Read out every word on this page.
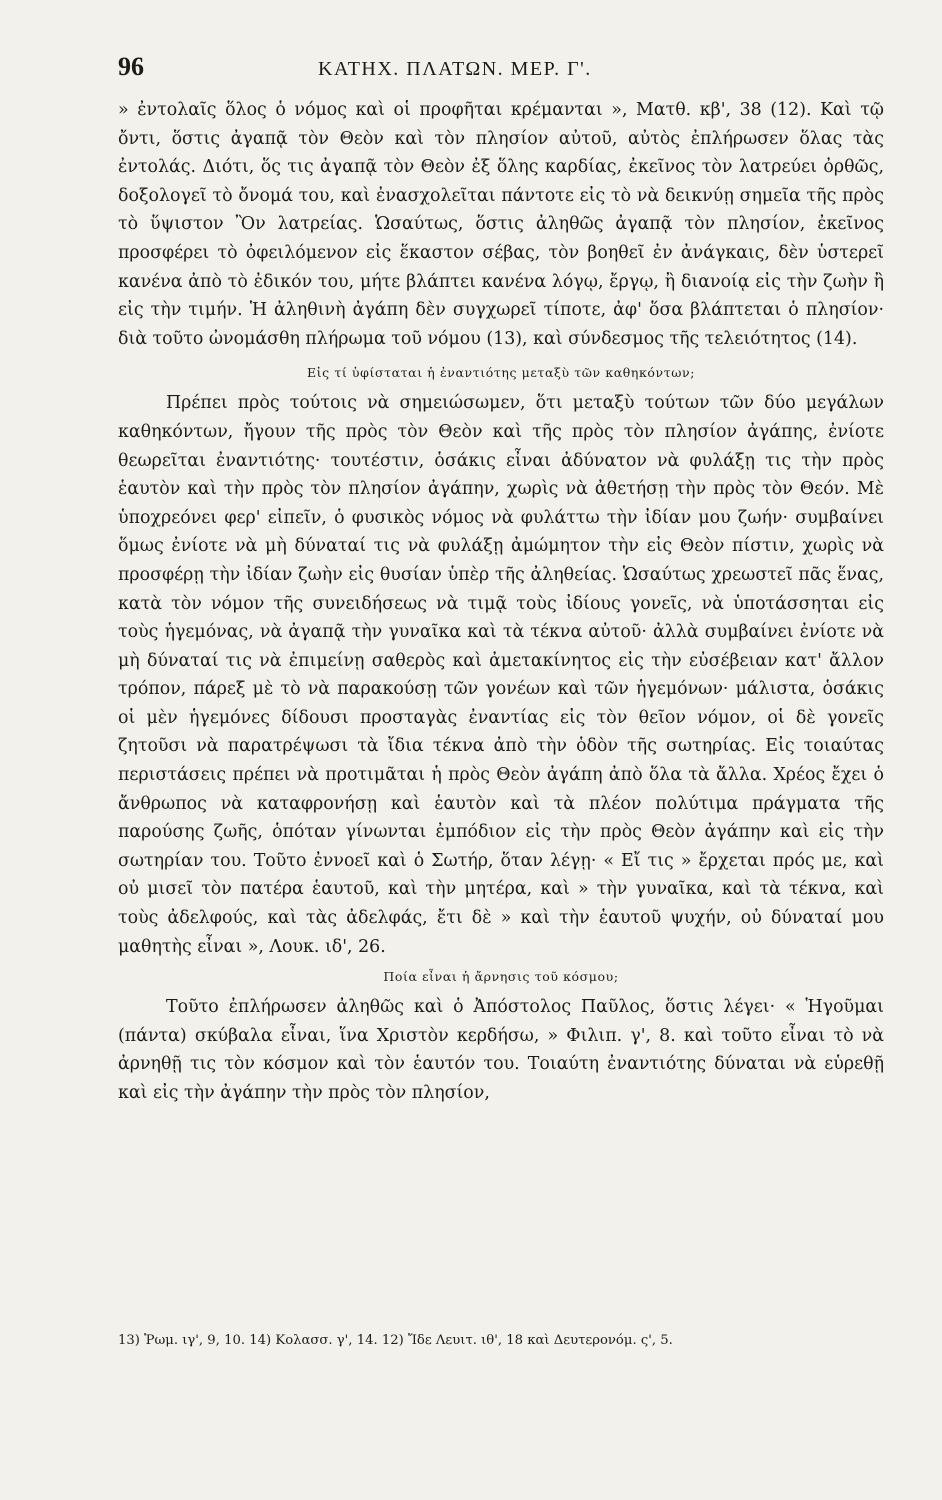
96	ΚΑΤΗΧ. ΠΛΑΤΩΝ. ΜΕΡ. Γ'.

» ἐντολαῖς ὅλος ὁ νόμος καὶ οἱ προφῆται κρέμανται », Ματθ. κβ', 38 (12). Καὶ τῷ ὄντι, ὅστις ἀγαπᾷ τὸν Θεὸν καὶ τὸν πλησίον αὐτοῦ, αὐτὸς ἐπλήρωσεν ὅλας τὰς ἐντολάς. Διότι, ὅς τις ἀγαπᾷ τὸν Θεὸν ἐξ ὅλης καρδίας, ἐκεῖνος τὸν λατρεύει ὀρθῶς, δοξολογεῖ τὸ ὄνομά του, καὶ ἐνασχολεῖται πάντοτε εἰς τὸ νὰ δεικνύῃ σημεῖα τῆς πρὸς τὸ ὕψιστον Ὂν λατρείας. Ὡσαύτως, ὅστις ἀληθῶς ἀγαπᾷ τὸν πλησίον, ἐκεῖνος προσφέρει τὸ ὀφειλόμενον εἰς ἕκαστον σέβας, τὸν βοηθεῖ ἐν ἀνάγκαις, δὲν ὑστερεῖ κανένα ἀπὸ τὸ ἐδικόν του, μήτε βλάπτει κανένα λόγῳ, ἔργῳ, ἢ διανοίᾳ εἰς τὴν ζωὴν ἢ εἰς τὴν τιμήν. Ἡ ἀληθινὴ ἀγάπη δὲν συγχωρεῖ τίποτε, ἀφ' ὅσα βλάπτεται ὁ πλησίον· διὰ τοῦτο ὠνομάσθη πλήρωμα τοῦ νόμου (13), καὶ σύνδεσμος τῆς τελειότητος (14).

Εἰς τί ὑφίσταται ἡ ἐναντιότης μεταξὺ τῶν καθηκόντων;

Πρέπει πρὸς τούτοις νὰ σημειώσωμεν, ὅτι μεταξὺ τούτων τῶν δύο μεγάλων καθηκόντων, ἤγουν τῆς πρὸς τὸν Θεὸν καὶ τῆς πρὸς τὸν πλησίον ἀγάπης, ἐνίοτε θεωρεῖται ἐναντιότης· τουτέστιν, ὁσάκις εἶναι ἀδύνατον νὰ φυλάξῃ τις τὴν πρὸς ἑαυτὸν καὶ τὴν πρὸς τὸν πλησίον ἀγάπην, χωρὶς νὰ ἀθετήσῃ τὴν πρὸς τὸν Θεόν. Μὲ ὑποχρεόνει φερ' εἰπεῖν, ὁ φυσικὸς νόμος νὰ φυλάττω τὴν ἰδίαν μου ζωήν· συμβαίνει ὅμως ἐνίοτε νὰ μὴ δύναταί τις νὰ φυλάξῃ ἀμώμητον τὴν εἰς Θεὸν πίστιν, χωρὶς νὰ προσφέρῃ τὴν ἰδίαν ζωὴν εἰς θυσίαν ὑπὲρ τῆς ἀληθείας. Ὡσαύτως χρεωστεῖ πᾶς ἕνας, κατὰ τὸν νόμον τῆς συνειδήσεως νὰ τιμᾷ τοὺς ἰδίους γονεῖς, νὰ ὑποτάσσηται εἰς τοὺς ἡγεμόνας, νὰ ἀγαπᾷ τὴν γυναῖκα καὶ τὰ τέκνα αὐτοῦ· ἀλλὰ συμβαίνει ἐνίοτε νὰ μὴ δύναταί τις νὰ ἐπιμείνῃ σαθερὸς καὶ ἀμετακίνητος εἰς τὴν εὐσέβειαν κατ' ἄλλον τρόπον, πάρεξ μὲ τὸ νὰ παρακούσῃ τῶν γονέων καὶ τῶν ἡγεμόνων· μάλιστα, ὁσάκις οἱ μὲν ἡγεμόνες δίδουσι προσταγὰς ἐναντίας εἰς τὸν θεῖον νόμον, οἱ δὲ γονεῖς ζητοῦσι νὰ παρατρέψωσι τὰ ἴδια τέκνα ἀπὸ τὴν ὁδὸν τῆς σωτηρίας. Εἰς τοιαύτας περιστάσεις πρέπει νὰ προτιμᾶται ἡ πρὸς Θεὸν ἀγάπη ἀπὸ ὅλα τὰ ἄλλα. Χρέος ἔχει ὁ ἄνθρωπος νὰ καταφρονήσῃ καὶ ἑαυτὸν καὶ τὰ πλέον πολύτιμα πράγματα τῆς παρούσης ζωῆς, ὁπόταν γίνωνται ἐμπόδιον εἰς τὴν πρὸς Θεὸν ἀγάπην καὶ εἰς τὴν σωτηρίαν του. Τοῦτο ἐννοεῖ καὶ ὁ Σωτήρ, ὅταν λέγῃ· « Εἴ τις » ἔρχεται πρός με, καὶ οὐ μισεῖ τὸν πατέρα ἑαυτοῦ, καὶ τὴν μητέρα, καὶ » τὴν γυναῖκα, καὶ τὰ τέκνα, καὶ τοὺς ἀδελφούς, καὶ τὰς ἀδελφάς, ἔτι δὲ » καὶ τὴν ἑαυτοῦ ψυχήν, οὐ δύναταί μου μαθητὴς εἶναι », Λουκ. ιδ', 26.

Ποία εἶναι ἡ ἄρνησις τοῦ κόσμου;

Τοῦτο ἐπλήρωσεν ἀληθῶς καὶ ὁ Ἀπόστολος Παῦλος, ὅστις λέγει· « Ἡγοῦμαι (πάντα) σκύβαλα εἶναι, ἵνα Χριστὸν κερδήσω, » Φιλιπ. γ', 8. καὶ τοῦτο εἶναι τὸ νὰ ἀρνηθῇ τις τὸν κόσμον καὶ τὸν ἑαυτόν του. Τοιαύτη ἐναντιότης δύναται νὰ εὑρεθῇ καὶ εἰς τὴν ἀγάπην τὴν πρὸς τὸν πλησίον,

13) Ῥωμ. ιγ', 9, 10. 14) Κολασσ. γ', 14. 12) Ἴδε Λευιτ. ιθ', 18 καὶ Δευτερονόμ. ς', 5.
